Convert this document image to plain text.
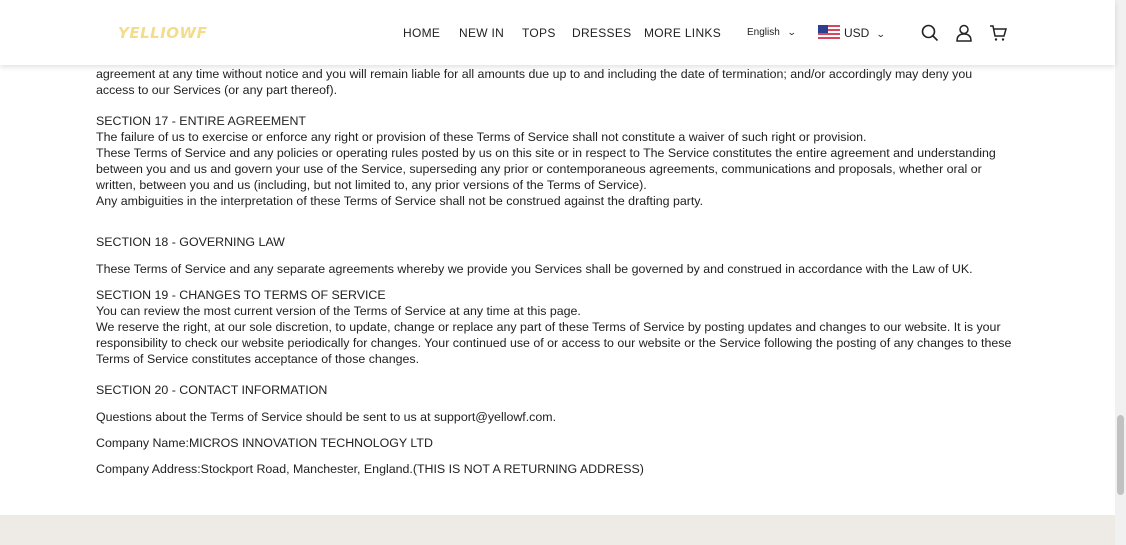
YELLIOWF	HOME NEW IN TOPS DRESSES MORE LINKS	English ⌄	USD ⌄
agreement at any time without notice and you will remain liable for all amounts due up to and including the date of termination; and/or accordingly may deny you
access to our Services (or any part thereof).
SECTION 17 - ENTIRE AGREEMENT
The failure of us to exercise or enforce any right or provision of these Terms of Service shall not constitute a waiver of such right or provision.
These Terms of Service and any policies or operating rules posted by us on this site or in respect to The Service constitutes the entire agreement and understanding
between you and us and govern your use of the Service, superseding any prior or contemporaneous agreements, communications and proposals, whether oral or
written, between you and us (including, but not limited to, any prior versions of the Terms of Service).
Any ambiguities in the interpretation of these Terms of Service shall not be construed against the drafting party.
SECTION 18 - GOVERNING LAW
These Terms of Service and any separate agreements whereby we provide you Services shall be governed by and construed in accordance with the Law of UK.
SECTION 19 - CHANGES TO TERMS OF SERVICE
You can review the most current version of the Terms of Service at any time at this page.
We reserve the right, at our sole discretion, to update, change or replace any part of these Terms of Service by posting updates and changes to our website. It is your
responsibility to check our website periodically for changes. Your continued use of or access to our website or the Service following the posting of any changes to these
Terms of Service constitutes acceptance of those changes.
SECTION 20 - CONTACT INFORMATION
Questions about the Terms of Service should be sent to us at support@yellowf.com.
Company Name:MICROS INNOVATION TECHNOLOGY LTD
Company Address:Stockport Road, Manchester, England.(THIS IS NOT A RETURNING ADDRESS)
